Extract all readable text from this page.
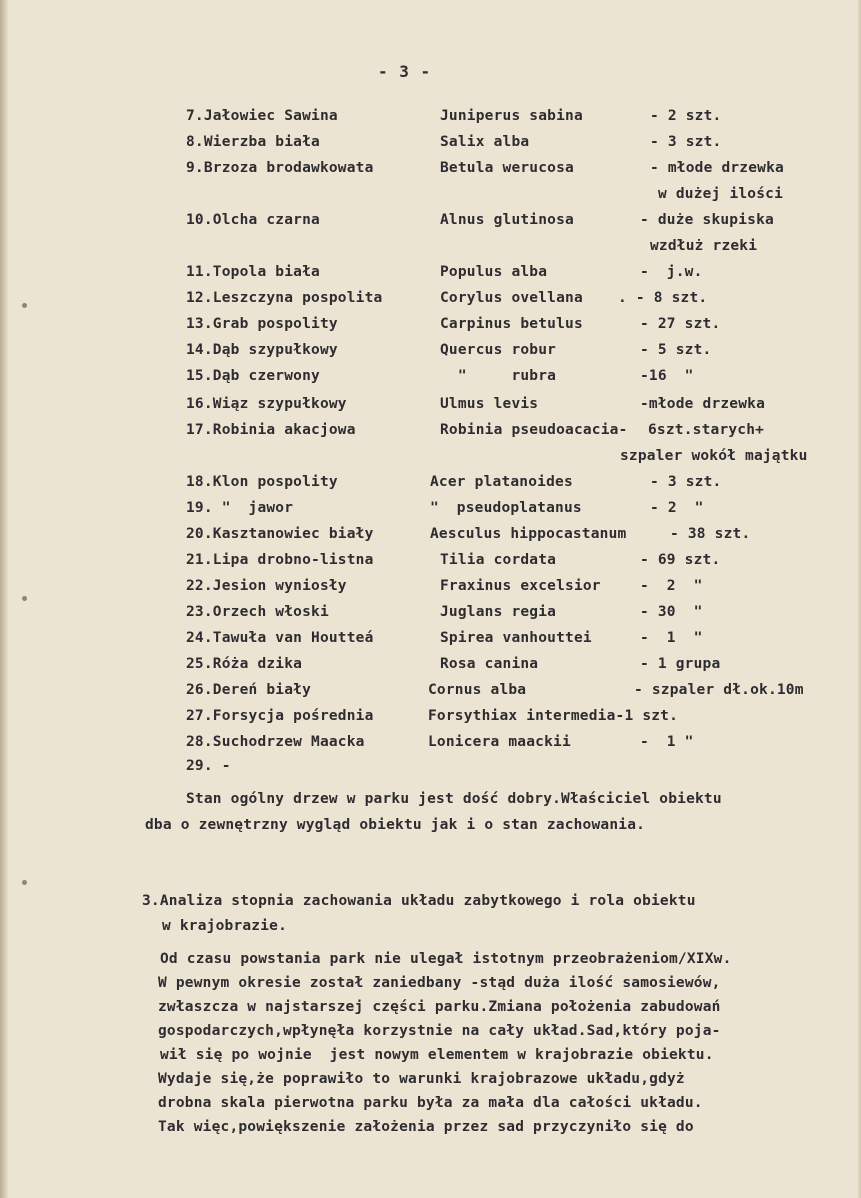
- 3 -
7.Jałowiec Sawina	Juniperus sabina	- 2 szt.
8.Wierzba biała	Salix alba	- 3 szt.
9.Brzoza brodawkowata	Betula werucosa	- młode drzewka
w dużej ilości
10.Olcha czarna	Alnus glutinosa	- duże skupiska
wzdłuż rzeki
11.Topola biała	Populus alba	-  j.w.
12.Leszczyna pospolita	Corylus ovellana . - 8 szt.
13.Grab pospolity	Carpinus betulus	- 27 szt.
14.Dąb szypułkowy	Quercus robur	- 5 szt.
15.Dąb czerwony	"     rubra	-16  "
16.Wiąz szypułkowy	Ulmus levis	-młode drzewka
17.Robinia akacjowa	Robinia pseudoacacia- 6szt.starych+
szpaler wokół majątku
18.Klon pospolity	Acer platanoides	- 3 szt.
19. "  jawor	"  pseudoplatanus	- 2  "
20.Kasztanowiec biały	Aesculus hippocastanum	- 38 szt.
21.Lipa drobno-listna	Tilia cordata	- 69 szt.
22.Jesion wyniosły	Fraxinus excelsior	-  2  "
23.Orzech włoski	Juglans regia	- 30  "
24.Tawuła van Houtteá	Spirea vanhouttei	-  1  "
25.Róża dzika	Rosa canina	- 1 grupa
26.Dereń biały	Cornus alba	- szpaler dł.ok.10m
27.Forsycja pośrednia	Forsythiax intermedia-1 szt.
28.Suchodrzew Maacka	Lonicera maackii	-  1 "
29. -
Stan ogólny drzew w parku jest dość dobry.Właściciel obiektu
dba o zewnętrzny wygląd obiektu jak i o stan zachowania.
3.Analiza stopnia zachowania układu zabytkowego i rola obiektu
w krajobrazie.
Od czasu powstania park nie ulegał istotnym przeobrażeniom/XIXw.
W pewnym okresie został zaniedbany -stąd duża ilość samosiewów,
zwłaszcza w najstarszej części parku.Zmiana położenia zabudowań
gospodarczych,wpłynęła korzystnie na cały układ.Sad,który poja-
wił się po wojnie  jest nowym elementem w krajobrazie obiektu.
Wydaje się,że poprawiło to warunki krajobrazowe układu,gdyż
drobna skala pierwotna parku była za mała dla całości układu.
Tak więc,powiększenie założenia przez sad przyczyniło się do
